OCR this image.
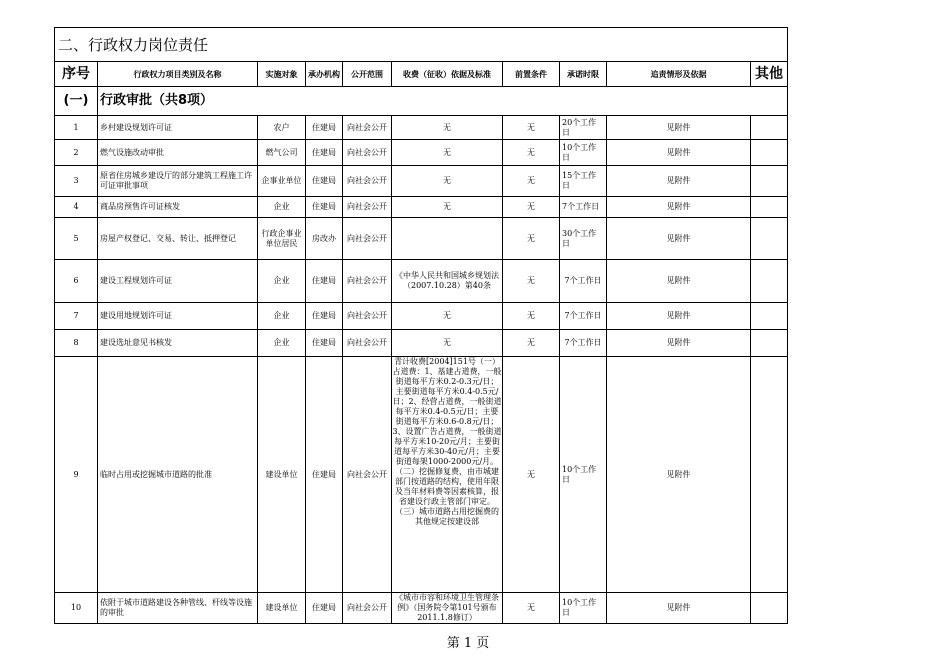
二、行政权力岗位责任									
序号	行政权力项目类别及名称	实施对象	承办机构	公开范围	收费（征收）依据及标准	前置条件	承诺时限	追责情形及依据	其他
(一)	行政审批（共8项）								
1	乡村建设规划许可证	农户	住建局	向社会公开	无	无	20个工作日	见附件	
2	燃气设施改动审批	燃气公司	住建局	向社会公开	无	无	10个工作日	见附件	
3	原省住房城乡建设厅的部分建筑工程施工许可证审批事项	企事业单位	住建局	向社会公开	无	无	15个工作日	见附件	
4	商品房预售许可证核发	企业	住建局	向社会公开	无	无	7个工作日	见附件	
5	房屋产权登记、交易、转让、抵押登记	行政企事业单位居民	房改办	向社会公开		无	30个工作日	见附件	
6	建设工程规划许可证	企业	住建局	向社会公开	《中华人民共和国城乡规划法（2007.10.28）第40条	无	7个工作日	见附件	
7	建设用地规划许可证	企业	住建局	向社会公开	无	无	7个工作日	见附件	
8	建设选址意见书核发	企业	住建局	向社会公开	无	无	7个工作日	见附件	
9	临时占用或挖掘城市道路的批准	建设单位	住建局	向社会公开	青计收费[2004]151号（一）占道费：1、基建占道费，一般街道每平方米0.2-0.3元/日；主要街道每平方米0.4-0.5元/日；2、经营占道费，一般街道每平方米0.4-0.5元/日；主要街道每平方米0.6-0.8元/日；3、设置广告占道费，一般街道每平方米10-20元/月；主要街道每平方米30-40元/月；主要街道每架1000-2000元/月。（二）挖掘修复费，由市城建部门按道路的结构，使用年限及当年材料费等因素核算，报省建设行政主管部门审定。（三）城市道路占用挖掘费的其他规定按建设部	无	10个工作日	见附件	
10	依附于城市道路建设各种管线、杆线等设施的审批	建设单位	住建局	向社会公开	《城市市容和环境卫生管理条例》（国务院令第101号颁布　2011.1.8修订）	无	10个工作日	见附件	
第 1 页
